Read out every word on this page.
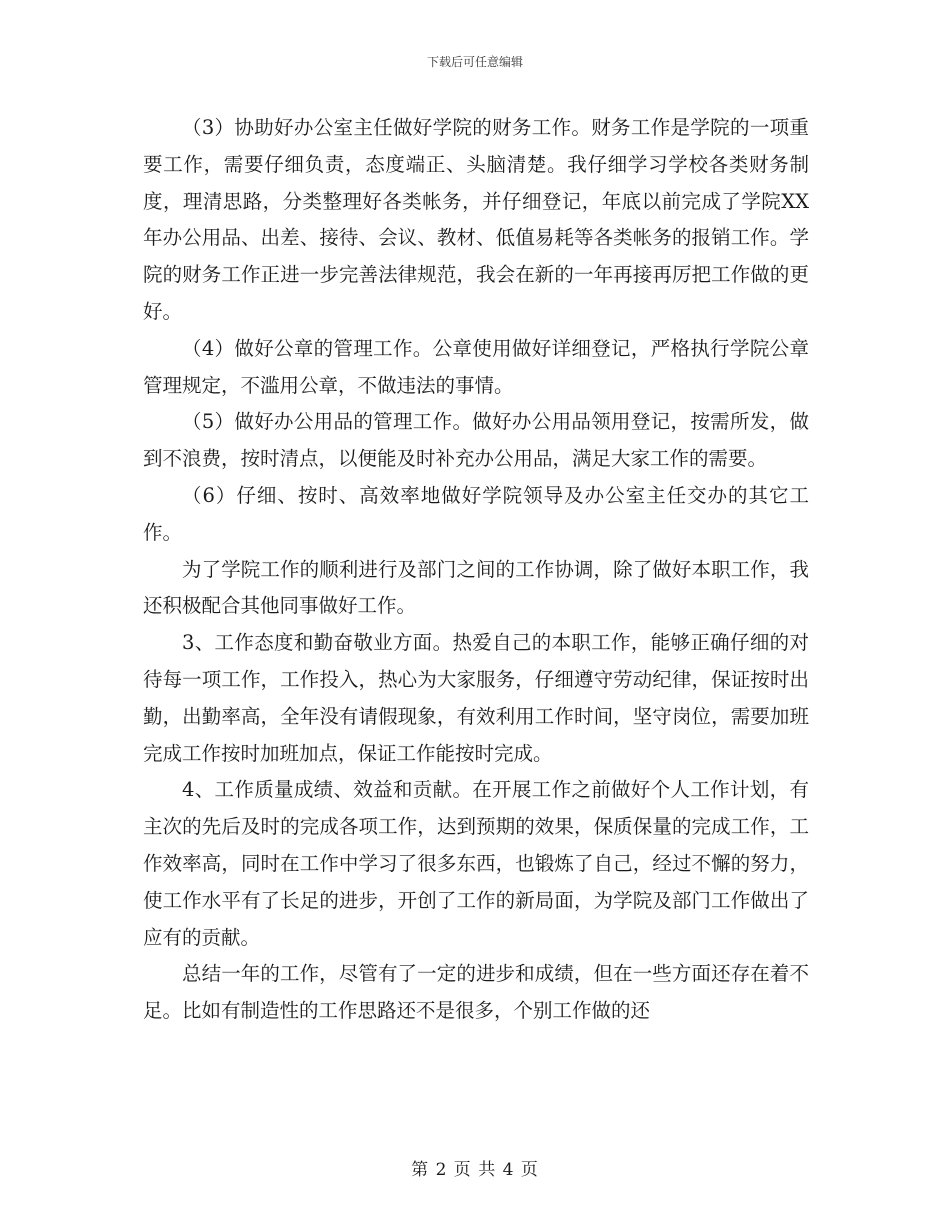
下载后可任意编辑

（3）协助好办公室主任做好学院的财务工作。财务工作是学院的一项重要工作，需要仔细负责，态度端正、头脑清楚。我仔细学习学校各类财务制度，理清思路，分类整理好各类帐务，并仔细登记，年底以前完成了学院XX年办公用品、出差、接待、会议、教材、低值易耗等各类帐务的报销工作。学院的财务工作正进一步完善法律规范，我会在新的一年再接再厉把工作做的更好。

（4）做好公章的管理工作。公章使用做好详细登记，严格执行学院公章管理规定，不滥用公章，不做违法的事情。

（5）做好办公用品的管理工作。做好办公用品领用登记，按需所发，做到不浪费，按时清点，以便能及时补充办公用品，满足大家工作的需要。

（6）仔细、按时、高效率地做好学院领导及办公室主任交办的其它工作。

为了学院工作的顺利进行及部门之间的工作协调，除了做好本职工作，我还积极配合其他同事做好工作。

3、工作态度和勤奋敬业方面。热爱自己的本职工作，能够正确仔细的对待每一项工作，工作投入，热心为大家服务，仔细遵守劳动纪律，保证按时出勤，出勤率高，全年没有请假现象，有效利用工作时间，坚守岗位，需要加班完成工作按时加班加点，保证工作能按时完成。

4、工作质量成绩、效益和贡献。在开展工作之前做好个人工作计划，有主次的先后及时的完成各项工作，达到预期的效果，保质保量的完成工作，工作效率高，同时在工作中学习了很多东西，也锻炼了自己，经过不懈的努力，使工作水平有了长足的进步，开创了工作的新局面，为学院及部门工作做出了应有的贡献。

总结一年的工作，尽管有了一定的进步和成绩，但在一些方面还存在着不足。比如有制造性的工作思路还不是很多，个别工作做的还

第 2 页 共 4 页
